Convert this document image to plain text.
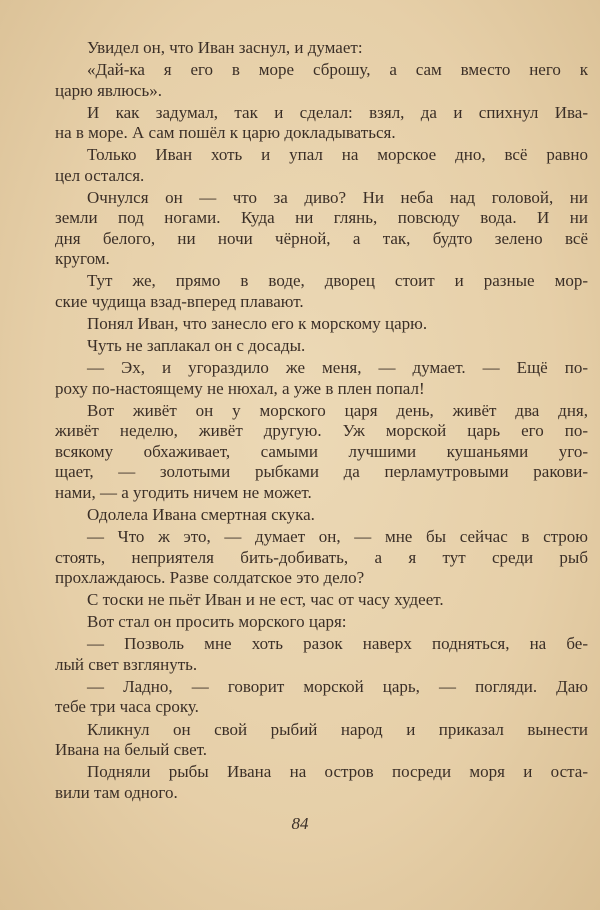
Увидел он, что Иван заснул, и думает:
«Дай-ка я его в море сброшу, а сам вместо него к
царю явлюсь».
И как задумал, так и сделал: взял, да и спихнул Ива-
на в море. А сам пошёл к царю докладываться.
Только Иван хоть и упал на морское дно, всё равно
цел остался.
Очнулся он — что за диво? Ни неба над головой, ни
земли под ногами. Куда ни глянь, повсюду вода. И ни
дня белого, ни ночи чёрной, а так, будто зелено всё
кругом.
Тут же, прямо в воде, дворец стоит и разные мор-
ские чудища взад-вперед плавают.
Понял Иван, что занесло его к морскому царю.
Чуть не заплакал он с досады.
— Эх, и угораздило же меня, — думает. — Ещё по-
роху по-настоящему не нюхал, а уже в плен попал!
Вот живёт он у морского царя день, живёт два дня,
живёт неделю, живёт другую. Уж морской царь его по-
всякому обхаживает, самыми лучшими кушаньями уго-
щает, — золотыми рыбками да перламутровыми ракови-
нами, — а угодить ничем не может.
Одолела Ивана смертная скука.
— Что ж это, — думает он, — мне бы сейчас в строю
стоять, неприятеля бить-добивать, а я тут среди рыб
прохлаждаюсь. Разве солдатское это дело?
С тоски не пьёт Иван и не ест, час от часу худеет.
Вот стал он просить морского царя:
— Позволь мне хоть разок наверх подняться, на бе-
лый свет взглянуть.
— Ладно, — говорит морской царь, — погляди. Даю
тебе три часа сроку.
Кликнул он свой рыбий народ и приказал вынести
Ивана на белый свет.
Подняли рыбы Ивана на остров посреди моря и оста-
вили там одного.
84
